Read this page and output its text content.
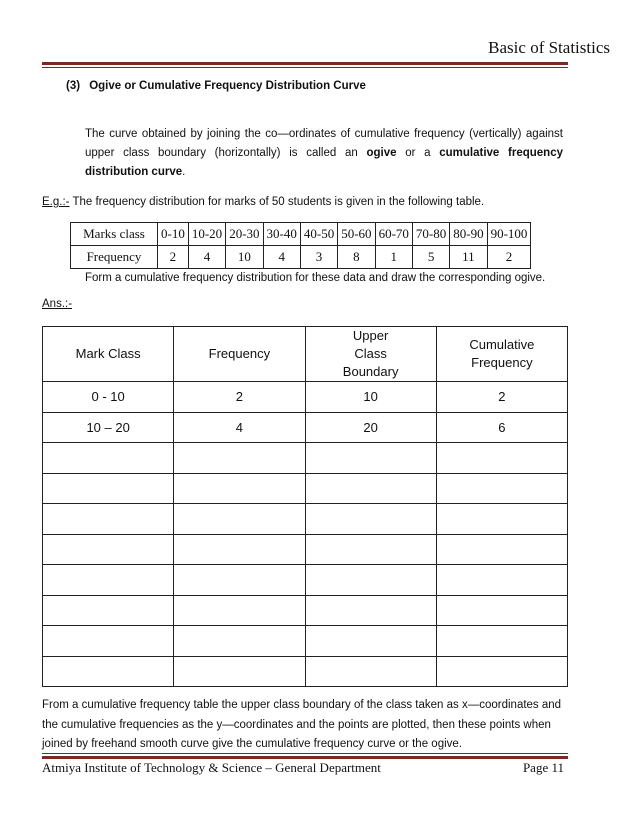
Basic of Statistics
(3) Ogive or Cumulative Frequency Distribution Curve
The curve obtained by joining the co—ordinates of cumulative frequency (vertically) against upper class boundary (horizontally) is called an ogive or a cumulative frequency distribution curve.
E.g.:- The frequency distribution for marks of 50 students is given in the following table.
Marks class	0-10	10-20	20-30	30-40	40-50	50-60	60-70	70-80	80-90	90-100
Frequency	2	4	10	4	3	8	1	5	11	2
Form a cumulative frequency distribution for these data and draw the corresponding ogive.
Ans.:-
Mark Class	Frequency	Upper Class Boundary	Cumulative Frequency
0 - 10	2	10	2
10 – 20	4	20	6

From a cumulative frequency table the upper class boundary of the class taken as x—coordinates and the cumulative frequencies as the y—coordinates and the points are plotted, then these points when joined by freehand smooth curve give the cumulative frequency curve or the ogive.
Atmiya Institute of Technology & Science – General Department	Page 11
